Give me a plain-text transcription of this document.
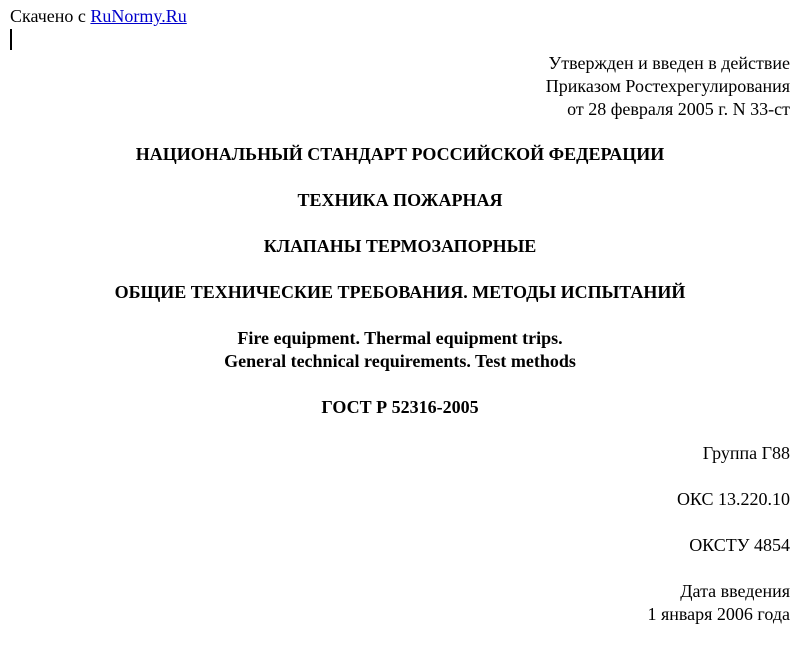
Скачено с RuNormy.Ru
Утвержден и введен в действие
Приказом Ростехрегулирования
от 28 февраля 2005 г. N 33-ст
НАЦИОНАЛЬНЫЙ СТАНДАРТ РОССИЙСКОЙ ФЕДЕРАЦИИ
ТЕХНИКА ПОЖАРНАЯ
КЛАПАНЫ ТЕРМОЗАПОРНЫЕ
ОБЩИЕ ТЕХНИЧЕСКИЕ ТРЕБОВАНИЯ. МЕТОДЫ ИСПЫТАНИЙ
Fire equipment. Thermal equipment trips.
General technical requirements. Test methods
ГОСТ Р 52316-2005
Группа Г88
ОКС 13.220.10
ОКСТУ 4854
Дата введения
1 января 2006 года
